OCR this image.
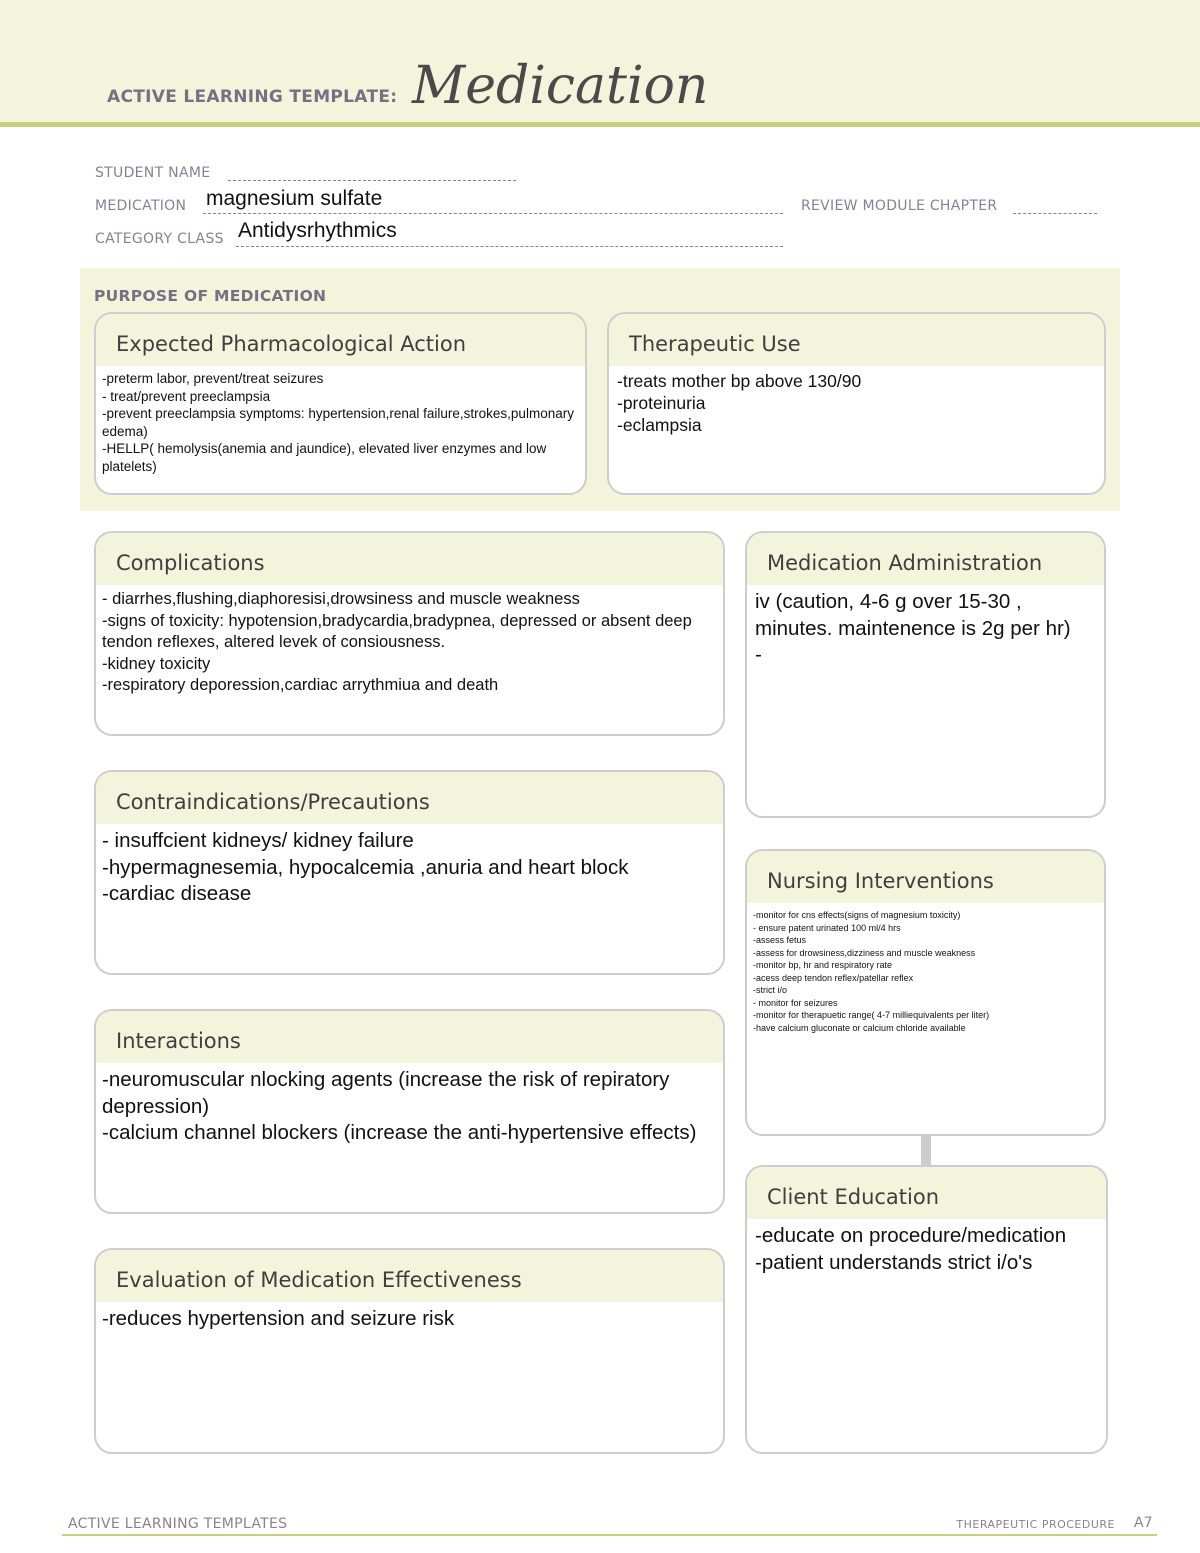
ACTIVE LEARNING TEMPLATE: Medication
STUDENT NAME
MEDICATION magnesium sulfate	REVIEW MODULE CHAPTER
CATEGORY CLASS Antidysrhythmics
PURPOSE OF MEDICATION
Expected Pharmacological Action
-preterm labor, prevent/treat seizures
- treat/prevent preeclampsia
-prevent preeclampsia symptoms: hypertension,renal failure,strokes,pulmonary edema)
-HELLP( hemolysis(anemia and jaundice), elevated liver enzymes and low platelets)
Therapeutic Use
-treats mother bp above 130/90
-proteinuria
-eclampsia
Complications
- diarrhes,flushing,diaphoresisi,drowsiness and muscle weakness
-signs of toxicity: hypotension,bradycardia,bradypnea, depressed or absent deep tendon reflexes, altered levek of consiousness.
-kidney toxicity
-respiratory deporession,cardiac arrythmiua and death
Medication Administration
iv (caution, 4-6 g over 15-30 , minutes. maintenence is 2g per hr)
-
Contraindications/Precautions
- insuffcient kidneys/ kidney failure
-hypermagnesemia, hypocalcemia ,anuria and heart block
-cardiac disease
Nursing Interventions
-monitor for cns effects(signs of magnesium toxicity)
- ensure patent urinated 100 ml/4 hrs
-assess fetus
-assess for drowsiness,dizziness and muscle weakness
-monitor bp, hr and respiratory rate
-acess deep tendon reflex/patellar reflex
-strict i/o
- monitor for seizures
-monitor for therapuetic range( 4-7 milliequivalents per liter)
-have calcium gluconate or calcium chloride available
Interactions
-neuromuscular nlocking agents (increase the risk of repiratory depression)
-calcium channel blockers (increase the anti-hypertensive effects)
Client Education
-educate on procedure/medication
-patient understands strict i/o's
Evaluation of Medication Effectiveness
-reduces hypertension and seizure risk
ACTIVE LEARNING TEMPLATES	THERAPEUTIC PROCEDURE A7
